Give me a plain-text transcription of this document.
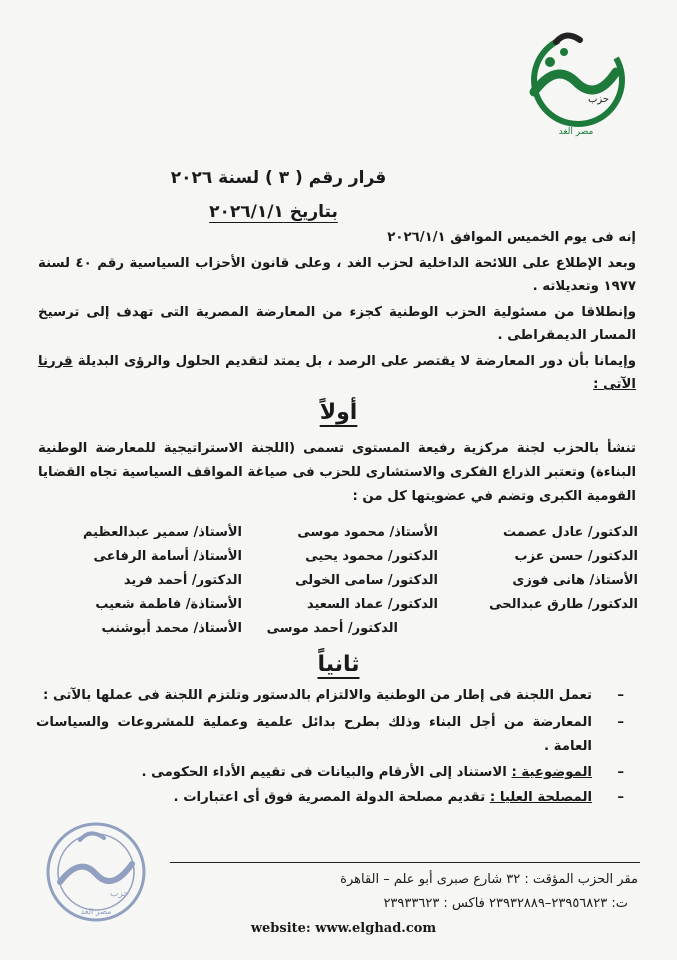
حزب
مصر الغد
قرار رقم ( ٣ ) لسنة ٢٠٢٦
بتاريخ ٢٠٢٦/١/١

إنه فى يوم الخميس الموافق ٢٠٢٦/١/١

وبعد الإطلاع على اللائحة الداخلية لحزب الغد ، وعلى قانون الأحزاب السياسية رقم ٤٠ لسنة ١٩٧٧ وتعديلاته .

وإنطلاقا من مسئولية الحزب الوطنية كجزء من المعارضة المصرية التى تهدف إلى ترسيخ المسار الديمقراطى .

وإيمانا بأن دور المعارضة لا يقتصر على الرصد ، بل يمتد لتقديم الحلول والرؤى البديلة قررنا الآتى :

أولاً
تنشأ بالحزب لجنة مركزية رفيعة المستوى تسمى (اللجنة الاستراتيجية للمعارضة الوطنية البناءة) وتعتبر الذراع الفكرى والاستشارى للحزب فى صياغة المواقف السياسية تجاه القضايا القومية الكبرى وتضم في عضويتها كل من :
الدكتور/ عادل عصمت
الأستاذ/ محمود موسى
الأستاذ/ سمير عبدالعظيم
الدكتور/ حسن عزب
الدكتور/ محمود يحيى
الأستاذ/ أسامة الرفاعى
الأستاذ/ هانى فوزى
الدكتور/ سامى الخولى
الدكتور/ أحمد فريد
الدكتور/ طارق عبدالحى
الدكتور/ عماد السعيد
الأستاذة/ فاطمة شعيب
الدكتور/ أحمد موسى
الأستاذ/ محمد أبوشنب
ثانياً
– تعمل اللجنة فى إطار من الوطنية والالتزام بالدستور وتلتزم اللجنة فى عملها بالآتى :
– المعارضة من أجل البناء وذلك بطرح بدائل علمية وعملية للمشروعات والسياسات العامة .
– الموضوعية : الاستناد إلى الأرقام والبيانات فى تقييم الأداء الحكومى .
– المصلحة العليا : تقديم مصلحة الدولة المصرية فوق أى اعتبارات .
حزب
مصر الغد
مقر الحزب المؤقت : ٣٢ شارع صبرى أبو علم – القاهرة
ت: ٢٣٩٥٦٨٢٣–٢٣٩٣٢٨٨٩ فاكس : ٢٣٩٣٣٦٢٣
website: www.elghad.com
